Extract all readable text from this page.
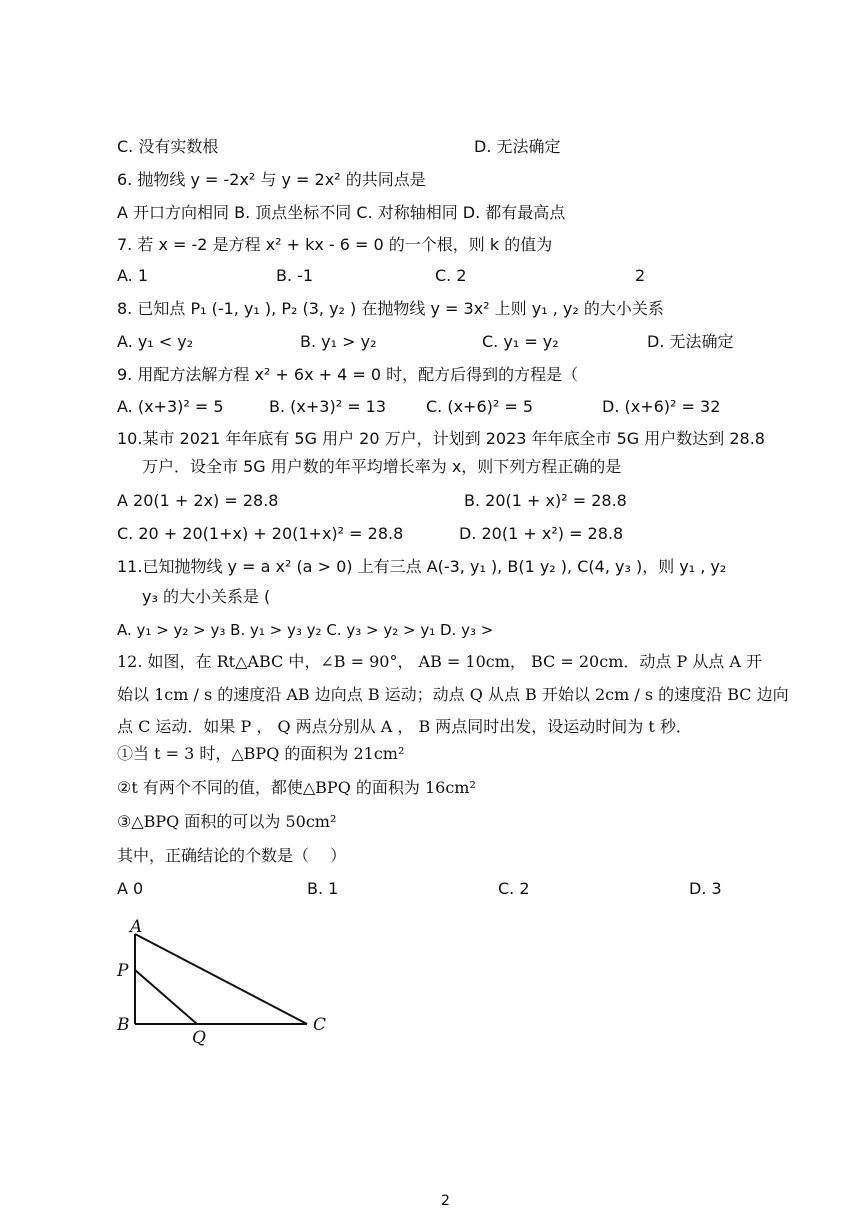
C. 没有实数根	D. 无法确定
6. 抛物线 y = -2x² 与 y = 2x² 的共同点是
A 开口方向相同 B. 顶点坐标不同 C. 对称轴相同 D. 都有最高点
7. 若 x = -2 是方程 x² + kx - 6 = 0 的一个根，则 k 的值为
A. 1	B. -1	C. 2	2
8. 已知点 P₁ (-1, y₁ ), P₂ (3, y₂ ) 在抛物线 y = 3x² 上则 y₁ , y₂ 的大小关系
A. y₁ < y₂	B. y₁ > y₂	C. y₁ = y₂	D. 无法确定
9. 用配方法解方程 x² + 6x + 4 = 0 时，配方后得到的方程是（
A. (x+3)² = 5	B. (x+3)² = 13 C. (x+6)² = 5	D. (x+6)² = 32
10.某市 2021 年年底有 5G 用户 20 万户，计划到 2023 年年底全市 5G 用户数达到 28.8
万户．设全市 5G 用户数的年平均增长率为 x，则下列方程正确的是
A 20(1 + 2x) = 28.8	B. 20(1 + x)² = 28.8
C. 20 + 20(1+x) + 20(1+x)² = 28.8	D. 20(1 + x²) = 28.8
11.已知抛物线 y = a x² (a > 0) 上有三点 A(-3, y₁ ), B(1 y₂ ), C(4, y₃ )，则 y₁ , y₂
y₃ 的大小关系是 (
A. y₁ > y₂ > y₃ B. y₁ > y₃ y₂ C. y₃ > y₂ > y₁ D. y₃ >
12. 如图，在 Rt△ABC 中，∠B = 90°， AB = 10cm， BC = 20cm．动点 P 从点 A 开
始以 1cm / s 的速度沿 AB 边向点 B 运动；动点 Q 从点 B 开始以 2cm / s 的速度沿 BC 边向
点 C 运动．如果 P ， Q 两点分别从 A ， B 两点同时出发，设运动时间为 t 秒．
①当 t = 3 时，△BPQ 的面积为 21cm²
②t 有两个不同的值，都使△BPQ 的面积为 16cm²
③△BPQ 面积的可以为 50cm²
其中，正确结论的个数是（　 ）
A 0	B. 1	C. 2	D. 3
A
P
B
Q
C
2
